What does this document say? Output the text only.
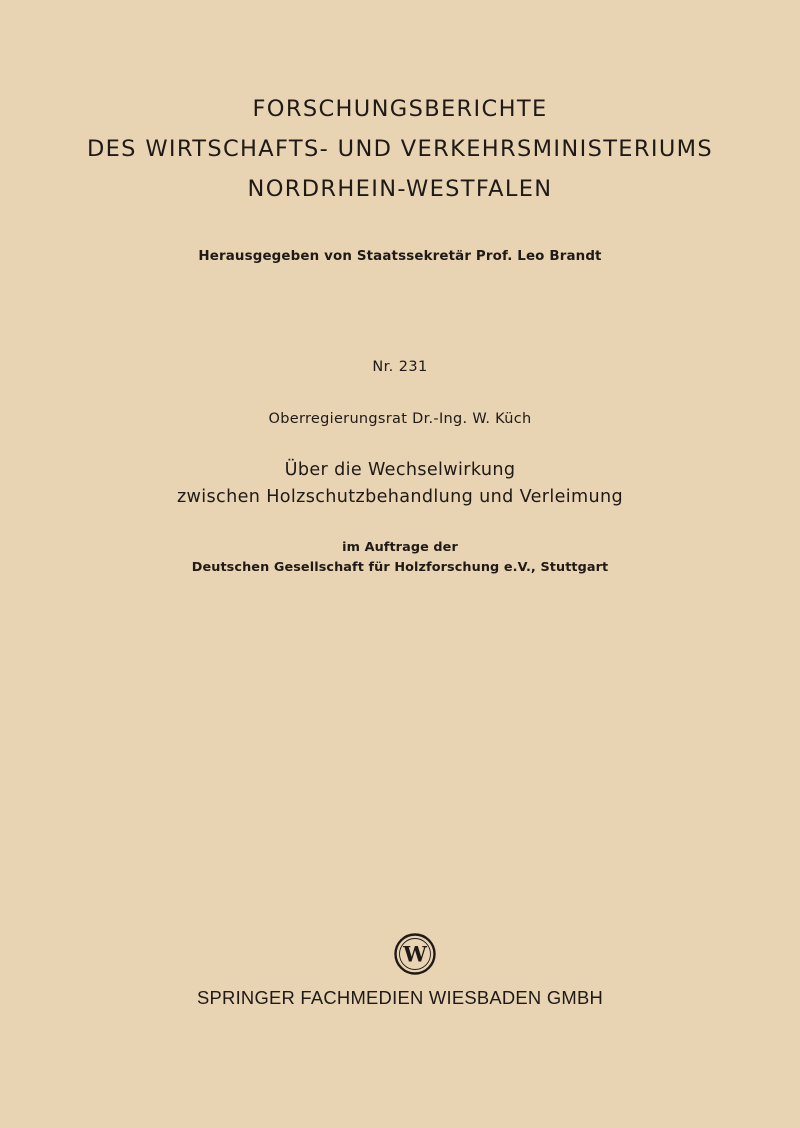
FORSCHUNGSBERICHTE
DES WIRTSCHAFTS- UND VERKEHRSMINISTERIUMS
NORDRHEIN-WESTFALEN
Herausgegeben von Staatssekretär Prof. Leo Brandt
Nr. 231
Oberregierungsrat Dr.-Ing. W. Küch
Über die Wechselwirkung
zwischen Holzschutzbehandlung und Verleimung
im Auftrage der
Deutschen Gesellschaft für Holzforschung e.V., Stuttgart
W
SPRINGER FACHMEDIEN WIESBADEN GMBH
